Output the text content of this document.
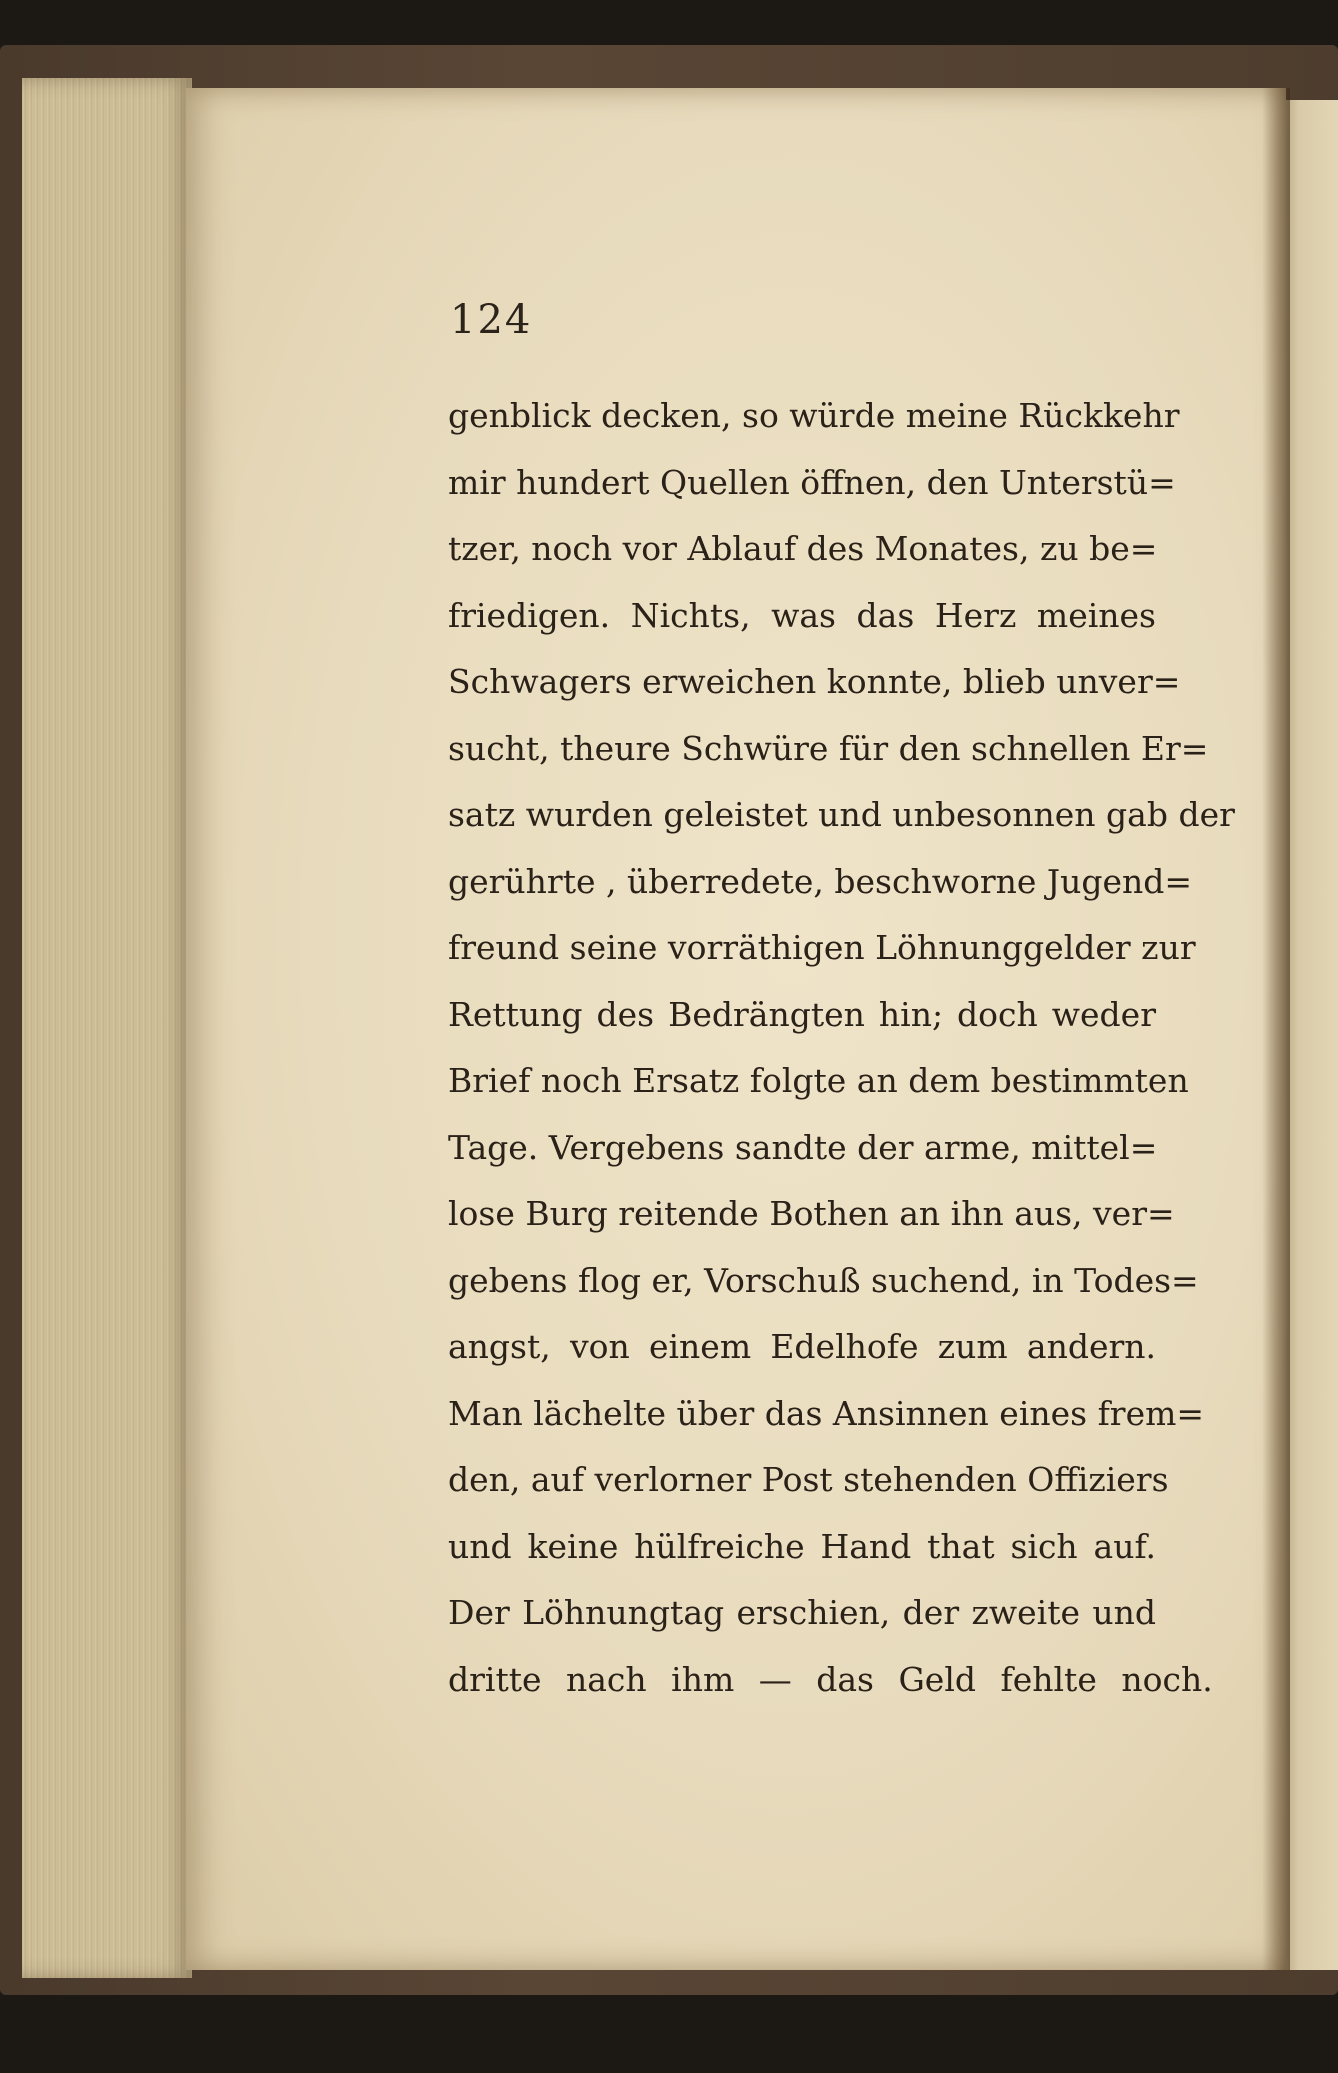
124
genblick decken, so würde meine Rückkehr
mir hundert Quellen öffnen, den Unterstü=
tzer, noch vor Ablauf des Monates, zu be=
friedigen. Nichts, was das Herz meines
Schwagers erweichen konnte, blieb unver=
sucht, theure Schwüre für den schnellen Er=
satz wurden geleistet und unbesonnen gab der
gerührte , überredete, beschworne Jugend=
freund seine vorräthigen Löhnunggelder zur
Rettung des Bedrängten hin; doch weder
Brief noch Ersatz folgte an dem bestimmten
Tage. Vergebens sandte der arme, mittel=
lose Burg reitende Bothen an ihn aus, ver=
gebens flog er, Vorschuß suchend, in Todes=
angst, von einem Edelhofe zum andern.
Man lächelte über das Ansinnen eines frem=
den, auf verlorner Post stehenden Offiziers
und keine hülfreiche Hand that sich auf.
Der Löhnungtag erschien, der zweite und
dritte nach ihm — das Geld fehlte noch.
